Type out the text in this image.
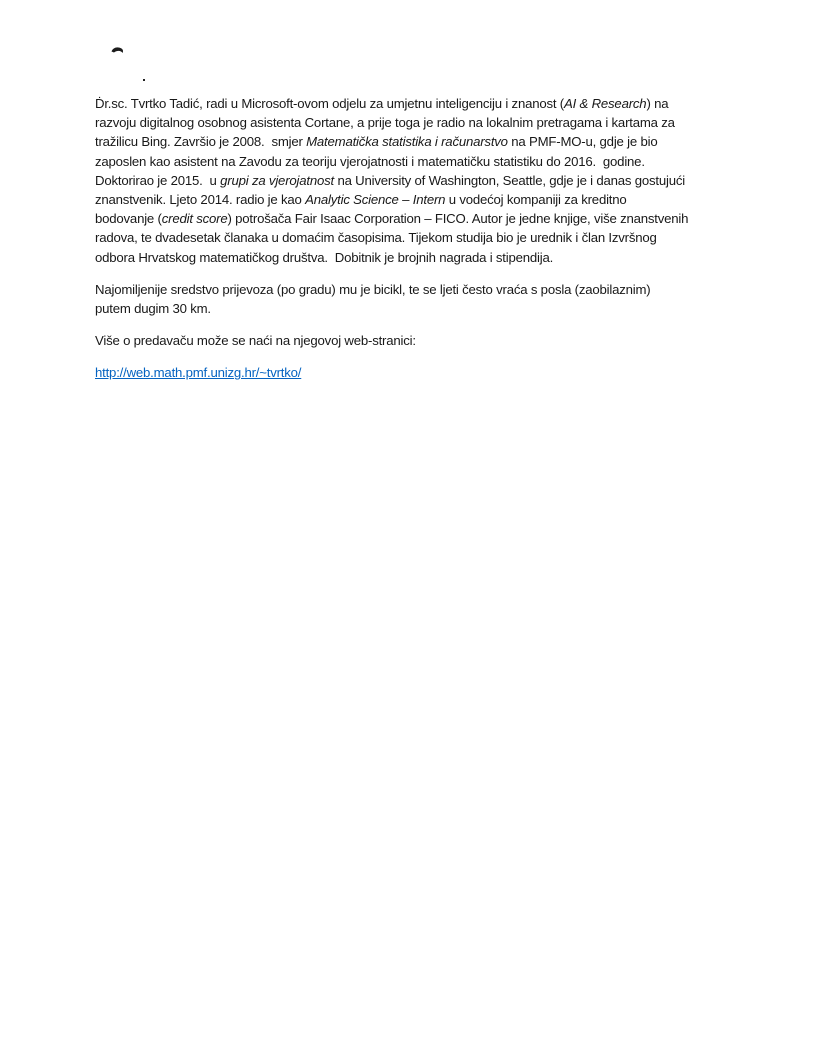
Ḋr.sc. Tvrtko Tadić, radi u Microsoft-ovom odjelu za umjetnu inteligenciju i znanost (AI & Research) na
razvoju digitalnog osobnog asistenta Cortane, a prije toga je radio na lokalnim pretragama i kartama za
tražilicu Bing. Završio je 2008.  smjer Matematička statistika i računarstvo na PMF-MO-u, gdje je bio
zaposlen kao asistent na Zavodu za teoriju vjerojatnosti i matematičku statistiku do 2016.  godine.
Doktorirao je 2015.  u grupi za vjerojatnost na University of Washington, Seattle, gdje je i danas gostujući
znanstvenik. Ljeto 2014. radio je kao Analytic Science – Intern u vodećoj kompaniji za kreditno
bodovanje (credit score) potrošača Fair Isaac Corporation – FICO. Autor je jedne knjige, više znanstvenih
radova, te dvadesetak članaka u domaćim časopisima. Tijekom studija bio je urednik i član Izvršnog
odbora Hrvatskog matematičkog društva.  Dobitnik je brojnih nagrada i stipendija.
Najomiljenije sredstvo prijevoza (po gradu) mu je bicikl, te se ljeti često vraća s posla (zaobilaznim)
putem dugim 30 km.
Više o predavaču može se naći na njegovoj web-stranici:
http://web.math.pmf.unizg.hr/~tvrtko/
